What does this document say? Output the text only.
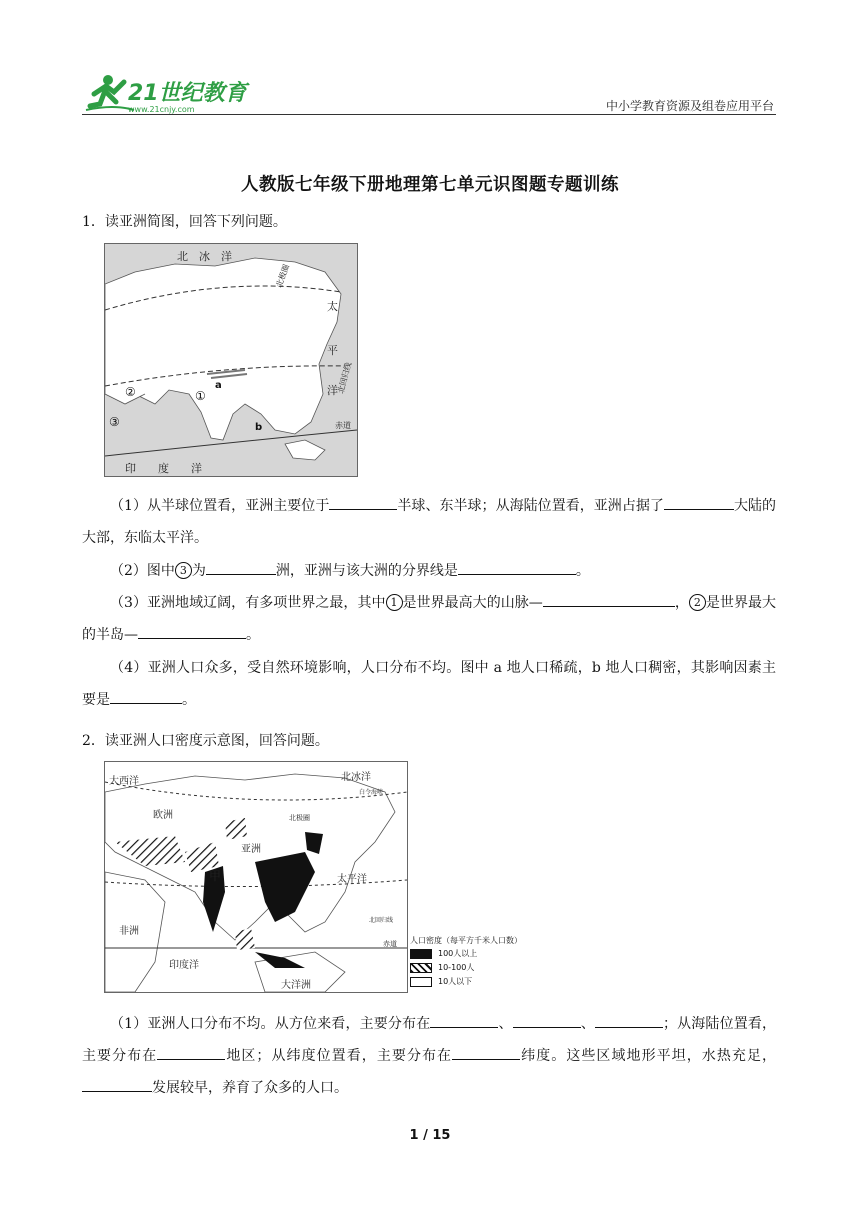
21世纪教育
www.21cnjy.com	中小学教育资源及组卷应用平台
人教版七年级下册地理第七单元识图题专题训练
1．读亚洲简图，回答下列问题。
北　冰　洋
北极圈
太
平
洋
北回归线
赤道
印　　度　　洋
a
b
①
②
③
（1）从半球位置看，亚洲主要位于	半球、东半球；从海陆位置看，亚洲占据了	大陆的大部，东临太平洋。
（2）图中 3 为	洲，亚洲与该大洲的分界线是	。
（3）亚洲地域辽阔，有多项世界之最，其中 1 是世界最高大的山脉—	， 2 是世界最大的半岛—	。
（4）亚洲人口众多，受自然环境影响，人口分布不均。图中 a 地人口稀疏，b 地人口稠密，其影响因素主要是	。
2．读亚洲人口密度示意图，回答问题。
大西洋	北冰洋
白令海峡
北极圈
欧洲
亚洲
甲	太平洋
北回归线
非洲
赤道
印度洋
大洋洲
人口密度（每平方千米人口数）
100人以上
10-100人
10人以下
（1）亚洲人口分布不均。从方位来看，主要分布在	、	、	；从海陆位置看，主要分布在	地区；从纬度位置看，主要分布在	纬度。这些区域地形平坦，水热充足，发展较早，养育了众多的人口。
1 / 15
